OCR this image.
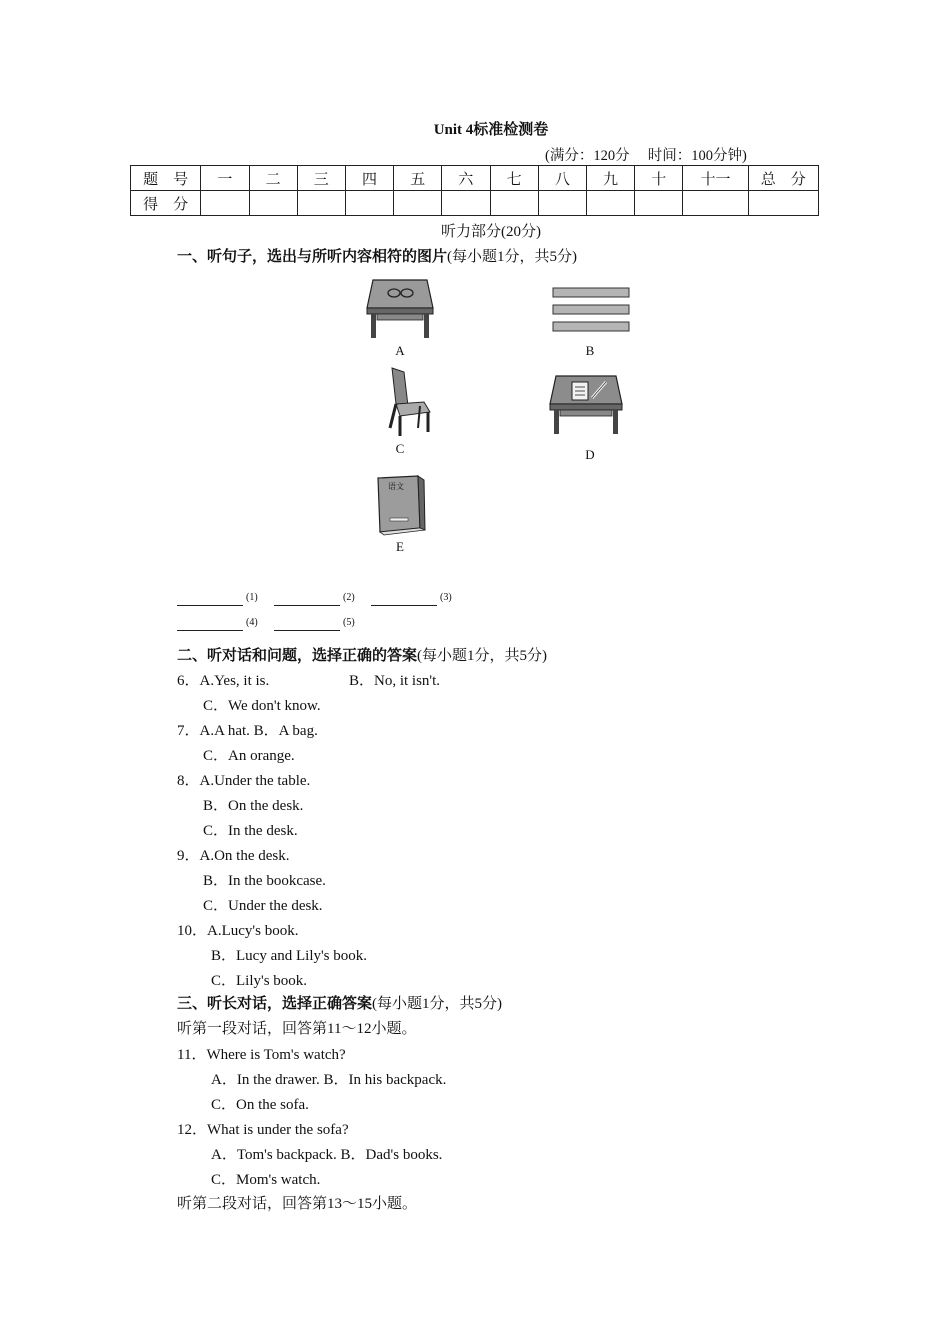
Unit 4标准检测卷
(满分：120分　 时间：100分钟)
题　号	一	二	三	四	五	六	七	八	九	十	十一	总　分
得　分												
听力部分(20分)
一、听句子，选出与所听内容相符的图片(每小题1分，共5分)
A	B
C	D
语文
E
$^{(1)}$	$^{(2)}$	$^{(3)}$
$^{(4)}$	$^{(5)}$
二、听对话和问题，选择正确的答案(每小题1分，共5分)
6．A.Yes, it is.	B．No, it isn't.
C．We don't know.
7．A.A hat. B．A bag.
C．An orange.
8．A.Under the table.
B．On the desk.
C．In the desk.
9．A.On the desk.
B．In the bookcase.
C．Under the desk.
10．A.Lucy's book.
B．Lucy and Lily's book.
C．Lily's book.
三、听长对话，选择正确答案(每小题1分，共5分)
听第一段对话，回答第11～12小题。
11．Where is Tom's watch?
A．In the drawer. B．In his backpack.
C．On the sofa.
12．What is under the sofa?
A．Tom's backpack. B．Dad's books.
C．Mom's watch.
听第二段对话，回答第13～15小题。
